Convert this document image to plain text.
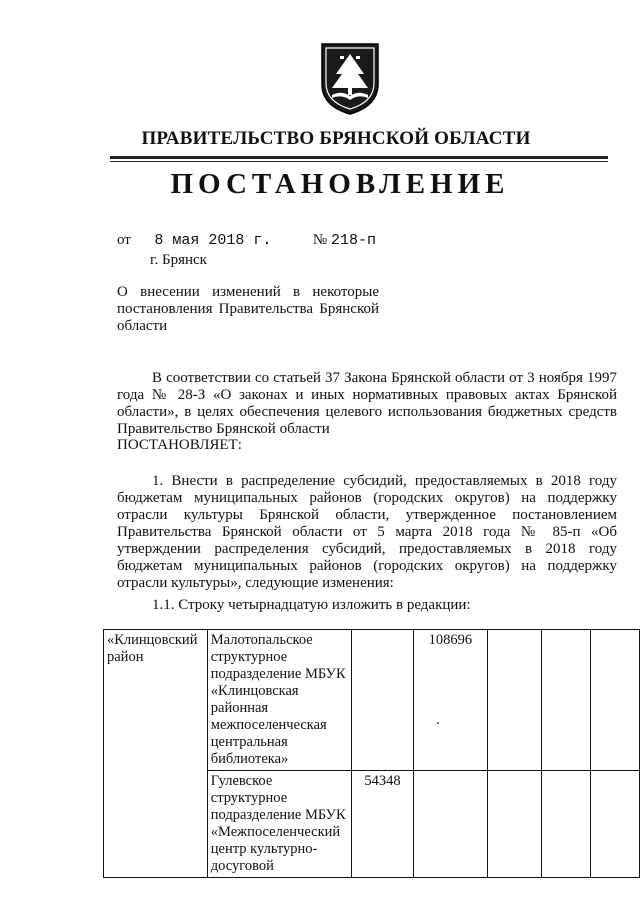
ПРАВИТЕЛЬСТВО БРЯНСКОЙ ОБЛАСТИ
ПОСТАНОВЛЕНИЕ
от 8 мая 2018 г.	№ 218-п
г. Брянск
О внесении изменений в некоторые постановления Правительства Брянской области
В соответствии со статьей 37 Закона Брянской области от 3 ноября 1997 года № 28-З «О законах и иных нормативных правовых актах Брянской области», в целях обеспечения целевого использования бюджетных средств Правительство Брянской области
ПОСТАНОВЛЯЕТ:
1. Внести в распределение субсидий, предоставляемых в 2018 году бюджетам муниципальных районов (городских округов) на поддержку отрасли культуры Брянской области, утвержденное постановлением Правительства Брянской области от 5 марта 2018 года № 85-п «Об утверждении распределения субсидий, предоставляемых в 2018 году бюджетам муниципальных районов (городских округов) на поддержку отрасли культуры», следующие изменения:
1.1. Строку четырнадцатую изложить в редакции:
«Клинцовский район	Малотопальское структурное подразделение МБУК «Клинцовская районная межпоселенческая центральная библиотека»		108696			
	Гулевское структурное подразделение МБУК «Межпоселенческий центр культурно-досуговой	54348				
